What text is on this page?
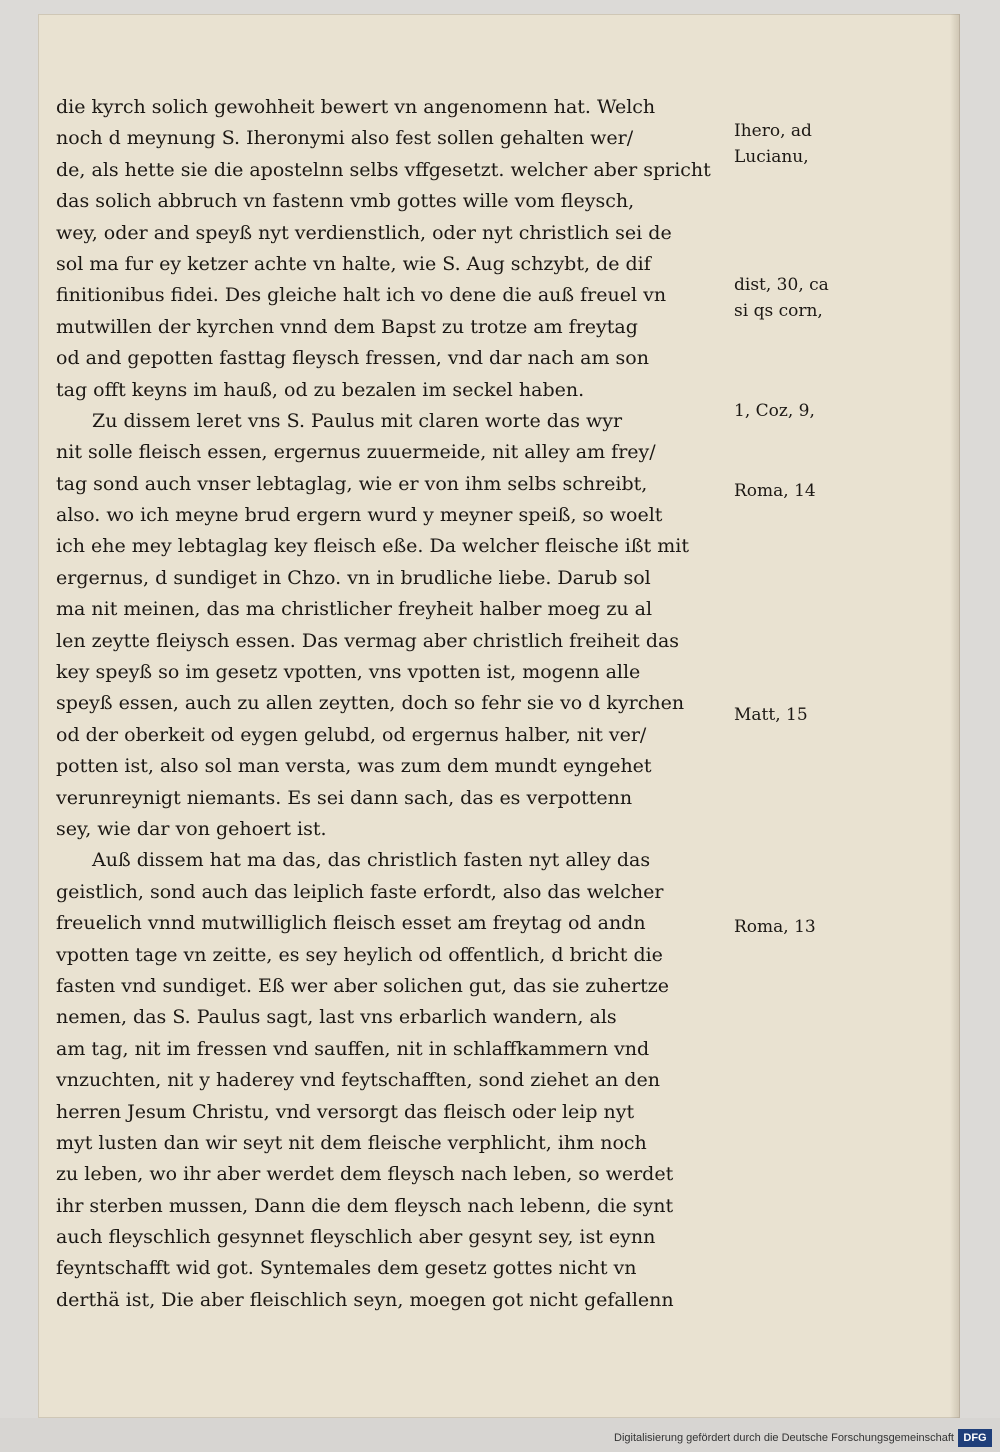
die kyrch solich gewohheit bewert vn angenomenn hat. Welch
noch d meynung S. Iheronymi also fest sollen gehalten wer/
de, als hette sie die apostelnn selbs vffgesetzt. welcher aber spricht
das solich abbruch vn fastenn vmb gottes wille vom fleysch,
wey, oder and speyß nyt verdienstlich, oder nyt christlich sei de
sol ma fur ey ketzer achte vn halte, wie S. Aug schzybt, de dif
finitionibus fidei. Des gleiche halt ich vo dene die auß freuel vn
mutwillen der kyrchen vnnd dem Bapst zu trotze am freytag
od and gepotten fasttag fleysch fressen, vnd dar nach am son
tag offt keyns im hauß, od zu bezalen im seckel haben.
Zu dissem leret vns S. Paulus mit claren worte das wyr
nit solle fleisch essen, ergernus zuuermeide, nit alley am frey/
tag sond auch vnser lebtaglag, wie er von ihm selbs schreibt,
also. wo ich meyne brud ergern wurd y meyner speiß, so woelt
ich ehe mey lebtaglag key fleisch eße. Da welcher fleische ißt mit
ergernus, d sundiget in Chzo. vn in brudliche liebe. Darub sol
ma nit meinen, das ma christlicher freyheit halber moeg zu al
len zeytte fleiysch essen. Das vermag aber christlich freiheit das
key speyß so im gesetz vpotten, vns vpotten ist, mogenn alle
speyß essen, auch zu allen zeytten, doch so fehr sie vo d kyrchen
od der oberkeit od eygen gelubd, od ergernus halber, nit ver/
potten ist, also sol man versta, was zum dem mundt eyngehet
verunreynigt niemants. Es sei dann sach, das es verpottenn
sey, wie dar von gehoert ist.
Auß dissem hat ma das, das christlich fasten nyt alley das
geistlich, sond auch das leiplich faste erfordt, also das welcher
freuelich vnnd mutwilliglich fleisch esset am freytag od andn
vpotten tage vn zeitte, es sey heylich od offentlich, d bricht die
fasten vnd sundiget. Eß wer aber solichen gut, das sie zuhertze
nemen, das S. Paulus sagt, last vns erbarlich wandern, als
am tag, nit im fressen vnd sauffen, nit in schlaffkammern vnd
vnzuchten, nit y haderey vnd feytschafften, sond ziehet an den
herren Jesum Christu, vnd versorgt das fleisch oder leip nyt
myt lusten dan wir seyt nit dem fleische verphlicht, ihm noch
zu leben, wo ihr aber werdet dem fleysch nach leben, so werdet
ihr sterben mussen, Dann die dem fleysch nach lebenn, die synt
auch fleyschlich gesynnet fleyschlich aber gesynt sey, ist eynn
feyntschafft wid got. Syntemales dem gesetz gottes nicht vn
derthä ist, Die aber fleischlich seyn, moegen got nicht gefallenn
Ihero, ad
Lucianu,
dist, 30, ca
si qs corn,
1, Coz, 9,
Roma, 14
Matt, 15
Roma, 13
Digitalisierung gefördert durch die Deutsche Forschungsgemeinschaft DFG
